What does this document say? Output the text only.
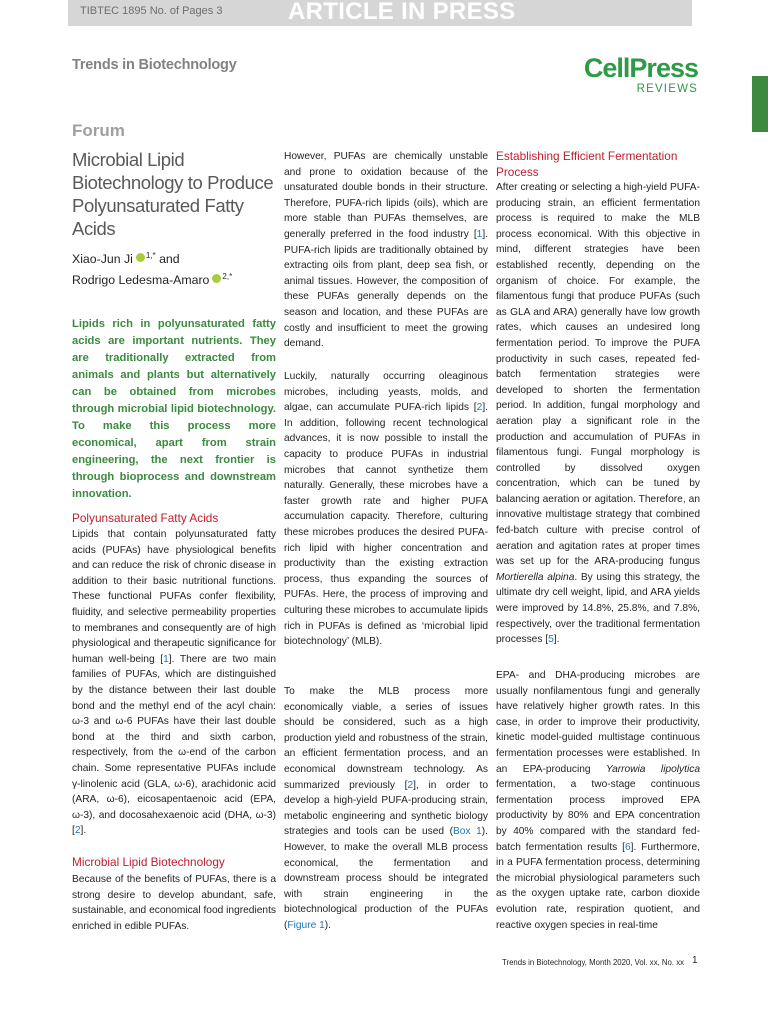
TIBTEC 1895 No. of Pages 3	ARTICLE IN PRESS
Trends in Biotechnology	CellPress
REVIEWS
Forum
Microbial Lipid Biotechnology to Produce Polyunsaturated Fatty Acids
Xiao-Jun Ji $^{1,*}$ and
Rodrigo Ledesma-Amaro $^{2,*}$
Lipids rich in polyunsaturated fatty acids are important nutrients. They are traditionally extracted from animals and plants but alternatively can be obtained from microbes through microbial lipid biotechnology. To make this process more economical, apart from strain engineering, the next frontier is through bioprocess and downstream innovation.
Polyunsaturated Fatty Acids
Lipids that contain polyunsaturated fatty acids (PUFAs) have physiological benefits and can reduce the risk of chronic disease in addition to their basic nutritional functions. These functional PUFAs confer flexibility, fluidity, and selective permeability properties to membranes and consequently are of high physiological and therapeutic significance for human well-being [1]. There are two main families of PUFAs, which are distinguished by the distance between their last double bond and the methyl end of the acyl chain: ω-3 and ω-6 PUFAs have their last double bond at the third and sixth carbon, respectively, from the ω-end of the carbon chain. Some representative PUFAs include γ-linolenic acid (GLA, ω-6), arachidonic acid (ARA, ω-6), eicosapentaenoic acid (EPA, ω-3), and docosahexaenoic acid (DHA, ω-3) [2].
Microbial Lipid Biotechnology
Because of the benefits of PUFAs, there is a strong desire to develop abundant, safe, sustainable, and economical food ingredients enriched in edible PUFAs.
However, PUFAs are chemically unstable and prone to oxidation because of the unsaturated double bonds in their structure. Therefore, PUFA-rich lipids (oils), which are more stable than PUFAs themselves, are generally preferred in the food industry [1]. PUFA-rich lipids are traditionally obtained by extracting oils from plant, deep sea fish, or animal tissues. However, the composition of these PUFAs generally depends on the season and location, and these PUFAs are costly and insufficient to meet the growing demand.
Luckily, naturally occurring oleaginous microbes, including yeasts, molds, and algae, can accumulate PUFA-rich lipids [2]. In addition, following recent technological advances, it is now possible to install the capacity to produce PUFAs in industrial microbes that cannot synthetize them naturally. Generally, these microbes have a faster growth rate and higher PUFA accumulation capacity. Therefore, culturing these microbes produces the desired PUFA-rich lipid with higher concentration and productivity than the existing extraction process, thus expanding the sources of PUFAs. Here, the process of improving and culturing these microbes to accumulate lipids rich in PUFAs is defined as ‘microbial lipid biotechnology’ (MLB).
To make the MLB process more economically viable, a series of issues should be considered, such as a high production yield and robustness of the strain, an efficient fermentation process, and an economical downstream technology. As summarized previously [2], in order to develop a high-yield PUFA-producing strain, metabolic engineering and synthetic biology strategies and tools can be used (Box 1). However, to make the overall MLB process economical, the fermentation and downstream process should be integrated with strain engineering in the biotechnological production of the PUFAs (Figure 1).
Establishing Efficient Fermentation Process
After creating or selecting a high-yield PUFA-producing strain, an efficient fermentation process is required to make the MLB process economical. With this objective in mind, different strategies have been established recently, depending on the organism of choice. For example, the filamentous fungi that produce PUFAs (such as GLA and ARA) generally have low growth rates, which causes an undesired long fermentation period. To improve the PUFA productivity in such cases, repeated fed-batch fermentation strategies were developed to shorten the fermentation period. In addition, fungal morphology and aeration play a significant role in the production and accumulation of PUFAs in filamentous fungi. Fungal morphology is controlled by dissolved oxygen concentration, which can be tuned by balancing aeration or agitation. Therefore, an innovative multistage strategy that combined fed-batch culture with precise control of aeration and agitation rates at proper times was set up for the ARA-producing fungus Mortierella alpina. By using this strategy, the ultimate dry cell weight, lipid, and ARA yields were improved by 14.8%, 25.8%, and 7.8%, respectively, over the traditional fermentation processes [5].
EPA- and DHA-producing microbes are usually nonfilamentous fungi and generally have relatively higher growth rates. In this case, in order to improve their productivity, kinetic model-guided multistage continuous fermentation processes were established. In an EPA-producing Yarrowia lipolytica fermentation, a two-stage continuous fermentation process improved EPA productivity by 80% and EPA concentration by 40% compared with the standard fed-batch fermentation results [6]. Furthermore, in a PUFA fermentation process, determining the microbial physiological parameters such as the oxygen uptake rate, carbon dioxide evolution rate, respiration quotient, and reactive oxygen species in real-time
Trends in Biotechnology, Month 2020, Vol. xx, No. xx 1
